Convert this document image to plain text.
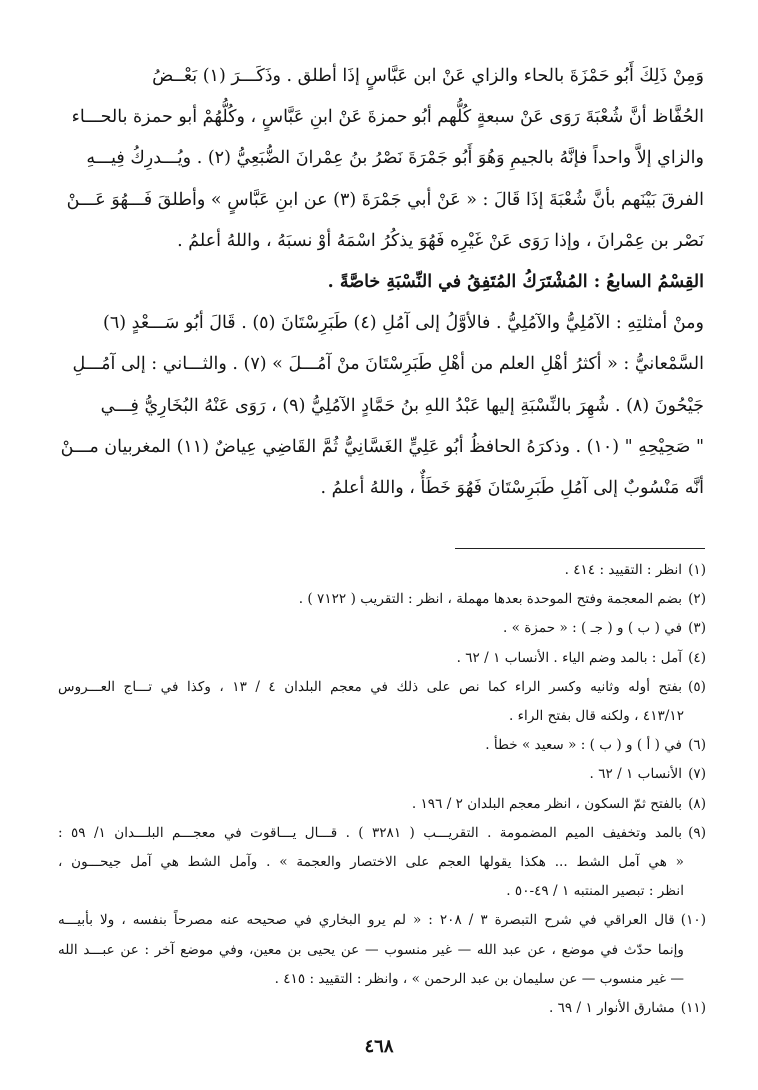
وَمِنْ ذَلِكَ أَبُو حَمْزَةَ بالحاء والزاي عَنْ ابن عَبَّاسٍ إذَا أطلق . وذَكَـــرَ (١) بَعْــضُ

الحُفَّاظ أنَّ شُعْبَةَ رَوَى عَنْ سبعةٍ كُلُّهم أبُو حمزةَ عَنْ ابنِ عَبَّاسٍ ، وكُلُّهُمْ أبو حمزة بالحـــاء

والزاي إلاَّ واحداً فإنَّهُ بالجيمِ وَهُوَ أَبُو جَمْرَةَ نَصْرُ بنُ عِمْرانَ الضُّبَعِيُّ (٢) . ويُـــدرِكُ فِيـــهِ

الفرقَ بَيْنَهم بأنَّ شُعْبَةَ إذَا قَالَ : « عَنْ أبي جَمْرَةَ (٣) عن ابنِ عَبَّاسٍ » وأطلقَ فَـــهُوَ عَـــنْ

نَصْر بن عِمْرانَ ، وإذا رَوَى عَنْ غَيْرِه فَهُوَ يذكُرُ اسْمَهُ أوْ نسبَهُ ، واللهُ أعلمُ .

القِسْمُ السابعُ : المُشْتَرَكُ المُتَفِقُ في النِّسْبَةِ خاصَّةً .

ومنْ أمثلتِهِ : الآمُلِيُّ والآمُلِيُّ . فالأوَّلُ إلى آمُلِ (٤) طَبَرِسْتَانَ (٥) . قَالَ أبُو سَـــعْدٍ (٦)

السَّمْعانيُّ : « أكثرُ أهْلِ العلم من أهْلِ طَبَرِسْتَانَ منْ آمُـــلَ » (٧) . والثـــاني : إلى آمُـــلِ

جَيْحُونَ (٨) . شُهِرَ بالنِّسْبَةِ إليها عَبْدُ اللهِ بنُ حَمَّادٍ الآمُلِيُّ (٩) ، رَوَى عَنْهُ البُخَارِيُّ فِـــي

" صَحِيْحِهِ " (١٠) . وذكرَهُ الحافظُ أبُو عَلِيٍّ الغَسَّانِيُّ ثُمَّ القَاضِي عِياضٌ (١١) المغربيان مـــنْ

أنَّه مَنْسُوبٌ إلى آمُلِ طَبَرِسْتَانَ فَهُوَ خَطَأٌ ، واللهُ أعلمُ .

(١)انظر : التقييد : ٤١٤ .
(٢)بضم المعجمة وفتح الموحدة بعدها مهملة ، انظر : التقريب ( ٧١٢٢ ) .
(٣)في ( ب ) و ( جـ ) : « حمزة » .
(٤)آمل : بالمد وضم الياء . الأنساب ١ / ٦٢ .
(٥)بفتح أوله وثانيه وكسر الراء كما نص على ذلك في معجم البلدان ٤ / ١٣ ، وكذا في تـــاج العـــروس
٤١٣/١٢ ، ولكنه قال بفتح الراء .
(٦)في ( أ ) و ( ب ) : « سعيد » خطأ .
(٧)الأنساب ١ / ٦٢ .
(٨)بالفتح ثمّ السكون ، انظر معجم البلدان ٢ / ١٩٦ .
(٩)بالمد وتخفيف الميم المضمومة . التقريـــب ( ٣٢٨١ ) . قـــال يـــاقوت في معجـــم البلـــدان ١/ ٥٩ :
« هي آمل الشط ... هكذا يقولها العجم على الاختصار والعجمة » . وآمل الشط هي آمل جيحـــون ،
انظر : تبصير المنتبه ١ / ٤٩-٥٠ .
(١٠)قال العراقي في شرح التبصرة ٣ / ٢٠٨ : « لم يرو البخاري في صحيحه عنه مصرحاً بنفسه ، ولا بأبيـــه
وإنما حدّث في موضع ، عن عبد الله — غير منسوب — عن يحيى بن معين، وفي موضع آخر : عن عبـــد الله
— غير منسوب — عن سليمان بن عبد الرحمن » ، وانظر : التقييد : ٤١٥ .
(١١)مشارق الأنوار ١ / ٦٩ .
٤٦٨
